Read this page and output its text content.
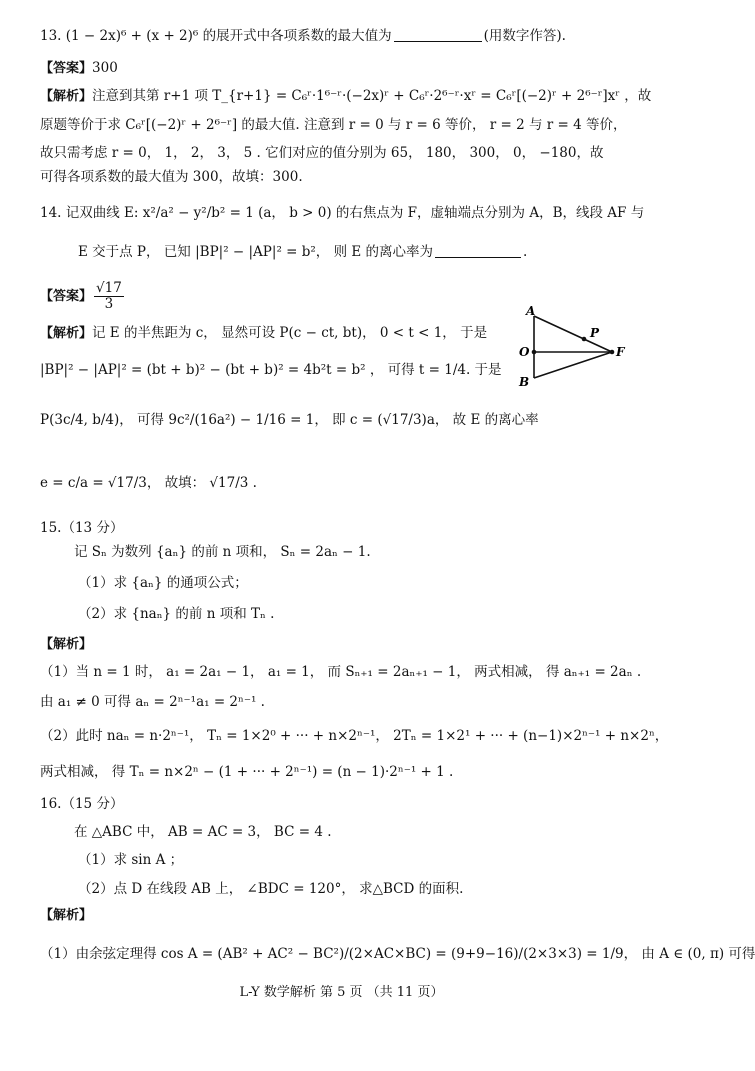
13. (1 − 2x)⁶ + (x + 2)⁶ 的展开式中各项系数的最大值为	(用数字作答).
【答案】300
【解析】注意到其第 r+1 项 T_{r+1} = C₆ʳ·1⁶⁻ʳ·(−2x)ʳ + C₆ʳ·2⁶⁻ʳ·xʳ = C₆ʳ[(−2)ʳ + 2⁶⁻ʳ]xʳ ，故
原题等价于求 C₆ʳ[(−2)ʳ + 2⁶⁻ʳ] 的最大值. 注意到 r = 0 与 r = 6 等价， r = 2 与 r = 4 等价，
故只需考虑 r = 0， 1， 2， 3， 5 . 它们对应的值分别为 65， 180， 300， 0， −180，故
可得各项系数的最大值为 300，故填：300.
14. 记双曲线 E: x²/a² − y²/b² = 1 (a， b > 0) 的右焦点为 F，虚轴端点分别为 A，B，线段 AF 与
E 交于点 P， 已知 |BP|² − |AP|² = b²， 则 E 的离心率为	.
【答案】 $\frac{√17}{3}$
【解析】记 E 的半焦距为 c， 显然可设 P(c − ct, bt)， 0 < t < 1， 于是
|BP|² − |AP|² = (bt + b)² − (bt + b)² = 4b²t = b² ， 可得 t = 1/4. 于是
P(3c/4, b/4)， 可得 9c²/(16a²) − 1/16 = 1， 即 c = (√17/3)a， 故 E 的离心率
e = c/a = √17/3， 故填： √17/3 .
A
O
B
P
F
15.（13 分）
记 Sₙ 为数列 {aₙ} 的前 n 项和， Sₙ = 2aₙ − 1.
（1）求 {aₙ} 的通项公式；
（2）求 {naₙ} 的前 n 项和 Tₙ .
【解析】
（1）当 n = 1 时， a₁ = 2a₁ − 1， a₁ = 1， 而 Sₙ₊₁ = 2aₙ₊₁ − 1， 两式相减， 得 aₙ₊₁ = 2aₙ .
由 a₁ ≠ 0 可得 aₙ = 2ⁿ⁻¹a₁ = 2ⁿ⁻¹ .
（2）此时 naₙ = n·2ⁿ⁻¹， Tₙ = 1×2⁰ + ··· + n×2ⁿ⁻¹， 2Tₙ = 1×2¹ + ··· + (n−1)×2ⁿ⁻¹ + n×2ⁿ，
两式相减， 得 Tₙ = n×2ⁿ − (1 + ··· + 2ⁿ⁻¹) = (n − 1)·2ⁿ⁻¹ + 1 .
16.（15 分）
在 △ABC 中， AB = AC = 3， BC = 4 .
（1）求 sin A ；
（2）点 D 在线段 AB 上， ∠BDC = 120°， 求△BCD 的面积.
【解析】
（1）由余弦定理得 cos A = (AB² + AC² − BC²)/(2×AC×BC) = (9+9−16)/(2×3×3) = 1/9， 由 A ∈ (0, π) 可得
L-Y 数学解析 第 5 页 （共 11 页）
